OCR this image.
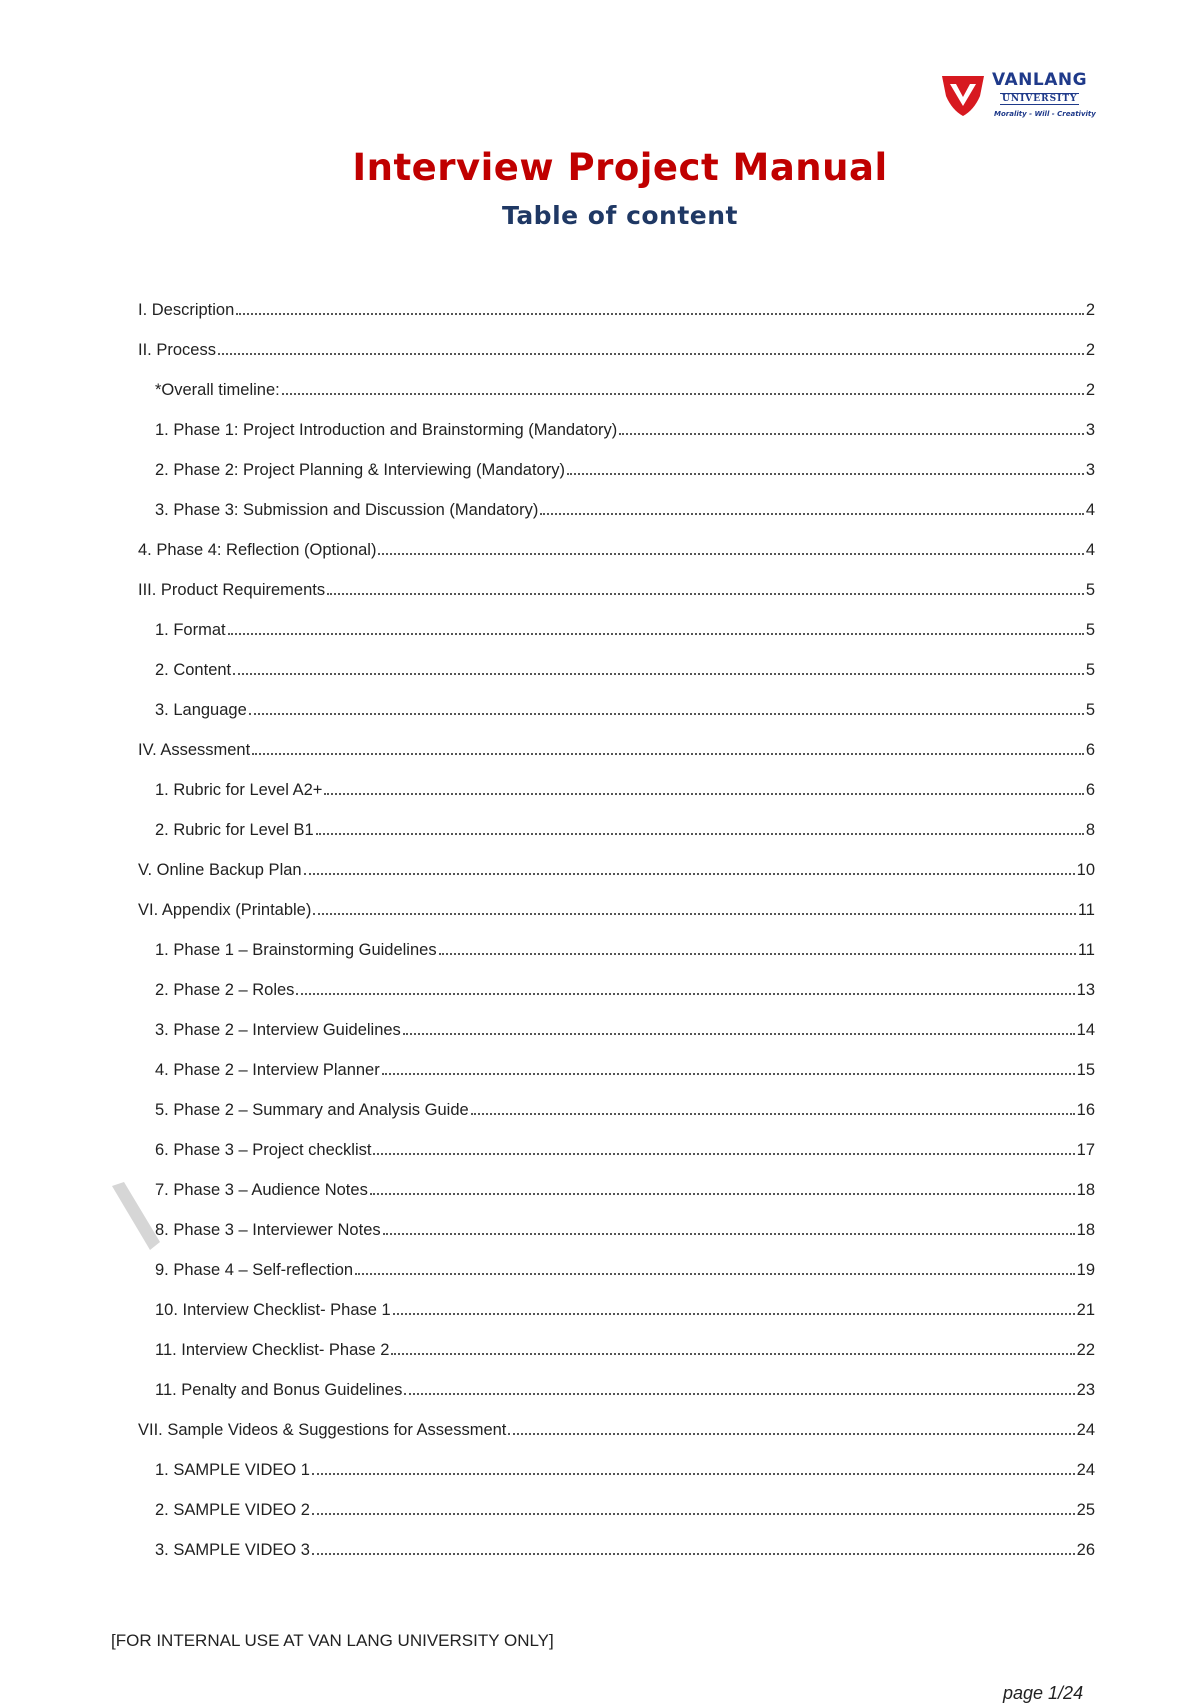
VANLANG
UNIVERSITY
Morality - Will - Creativity
Interview Project Manual
Table of content
I. Description	2
II. Process	2
*Overall timeline:	2
1. Phase 1: Project Introduction and Brainstorming (Mandatory)	3
2. Phase 2: Project Planning & Interviewing (Mandatory)	3
3. Phase 3: Submission and Discussion (Mandatory)	4
4. Phase 4: Reflection (Optional)	4
III. Product Requirements	5
1. Format	5
2. Content	5
3. Language	5
IV. Assessment	6
1. Rubric for Level A2+	6
2. Rubric for Level B1	8
V. Online Backup Plan	10
VI. Appendix (Printable)	11
1. Phase 1 – Brainstorming Guidelines	11
2. Phase 2 – Roles	13
3. Phase 2 – Interview Guidelines	14
4. Phase 2 – Interview Planner	15
5. Phase 2 – Summary and Analysis Guide	16
6. Phase 3 – Project checklist	17
7. Phase 3 – Audience Notes	18
8. Phase 3 – Interviewer Notes	18
9. Phase 4 – Self-reflection	19
10. Interview Checklist- Phase 1	21
11. Interview Checklist- Phase 2	22
11. Penalty and Bonus Guidelines	23
VII. Sample Videos & Suggestions for Assessment	24
1. SAMPLE VIDEO 1	24
2. SAMPLE VIDEO 2	25
3. SAMPLE VIDEO 3	26
[FOR INTERNAL USE AT VAN LANG UNIVERSITY ONLY]
page 1/24
